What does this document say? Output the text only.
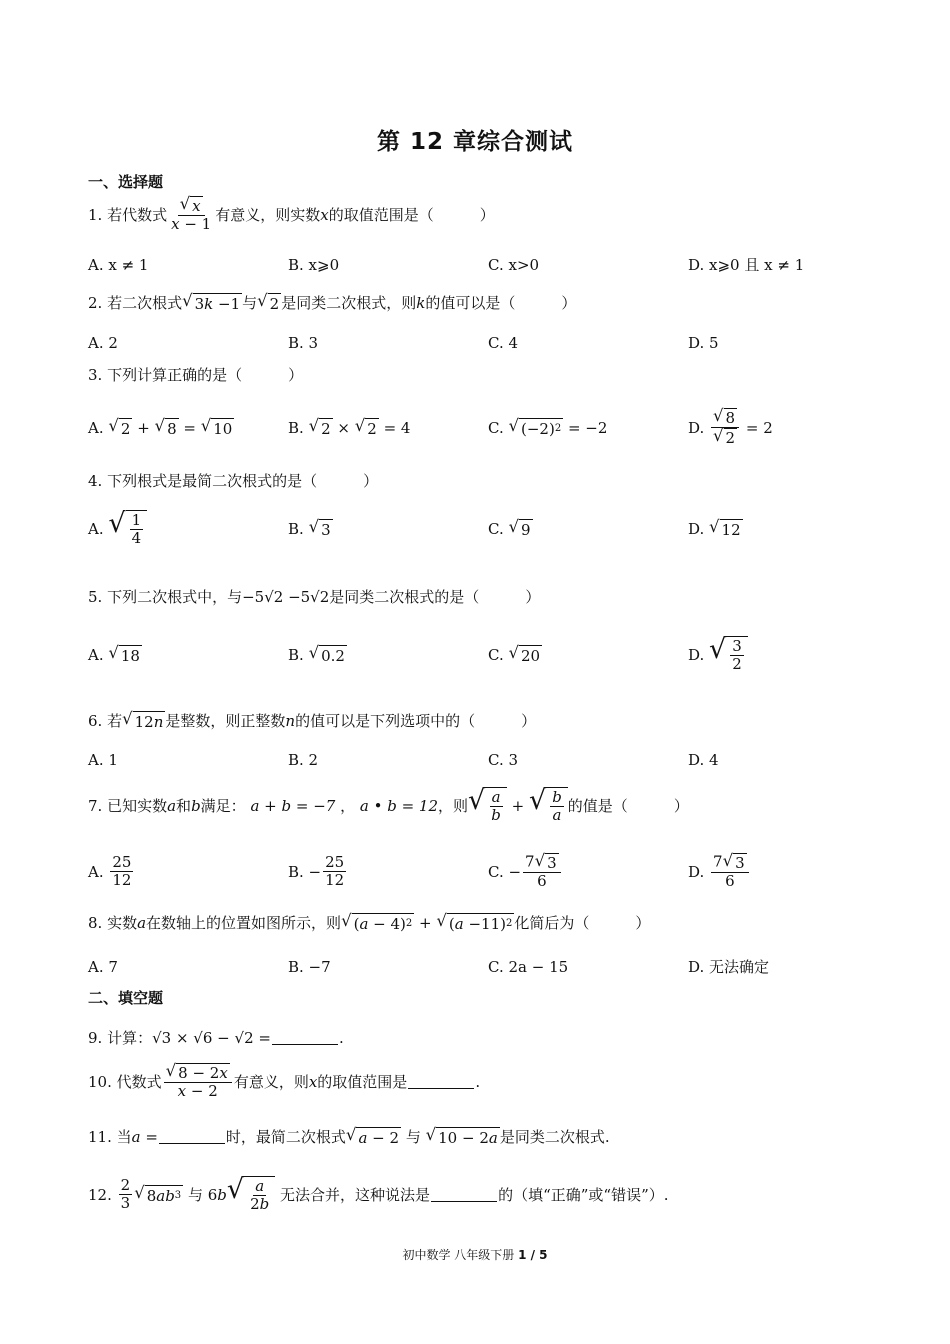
第 12 章综合测试
一、选择题
1. 若代数式 $\frac{√ x}{x - 1}$ 有意义，则实数 x 的取值范围是（	）
A. x ≠ 1	B. x⩾0	C. x>0	D. x⩾0 且 x ≠ 1
2. 若二次根式 √ 3 k −1 与 √ 2 是同类二次根式，则 k 的值可以是（	）
A. 2	B. 3	C. 4	D. 5
3. 下列计算正确的是（	）
A. √ 2 + √ 8 = √ 10	B. √ 2 × √ 2 = 4	C. √ (−2) 2 = −2	D. $\frac{√ 8}{√ 2} = 2$
4. 下列根式是最简二次根式的是（	）
A. √ $\frac{1}{4}$	B. √ 3	C. √ 9	D. √ 12
5. 下列二次根式中，与 −5√2 −5√2 是同类二次根式的是（	）
A. √ 18	B. √ 0.2	C. √ 20	D. √ $\frac{3}{2}$
6. 若 √ 12 n 是整数，则正整数 n 的值可以是下列选项中的（	）
A. 1	B. 2	C. 3	D. 4
7. 已知实数 a 和 b 满足：
a + b = −7 ， a • b = 12 ，则 √ $\frac{a}{b}$ + √ $\frac{b}{a}$ 的值是（	）
A. $\frac{25}{12}$	B. − $\frac{25}{12}$	C. − $\frac{7 √ 3}{6}$	D. $\frac{7 √ 3}{6}$
8. 实数 a 在数轴上的位置如图所示，则 √ ( a − 4) 2 + √ ( a −11) 2 化简后为（	）
A. 7	B. −7	C. 2a − 15	D. 无法确定
二、填空题
9. 计算： √3 × √6 − √2 =	.
10. 代数式 $\frac{√ 8 - 2 x}{x - 2}$ 有意义，则 x 的取值范围是	.
11. 当 a =	时，最简二次根式 √ a − 2
与
√ 10 − 2 a 是同类二次根式.
12.
$\frac{2}{3}$ √ 8 ab 3
与 6 b √ $\frac{a}{2b}$
无法合并，这种说法是	的（填“正确”或“错误”）.
初中数学 八年级下册 1 / 5
